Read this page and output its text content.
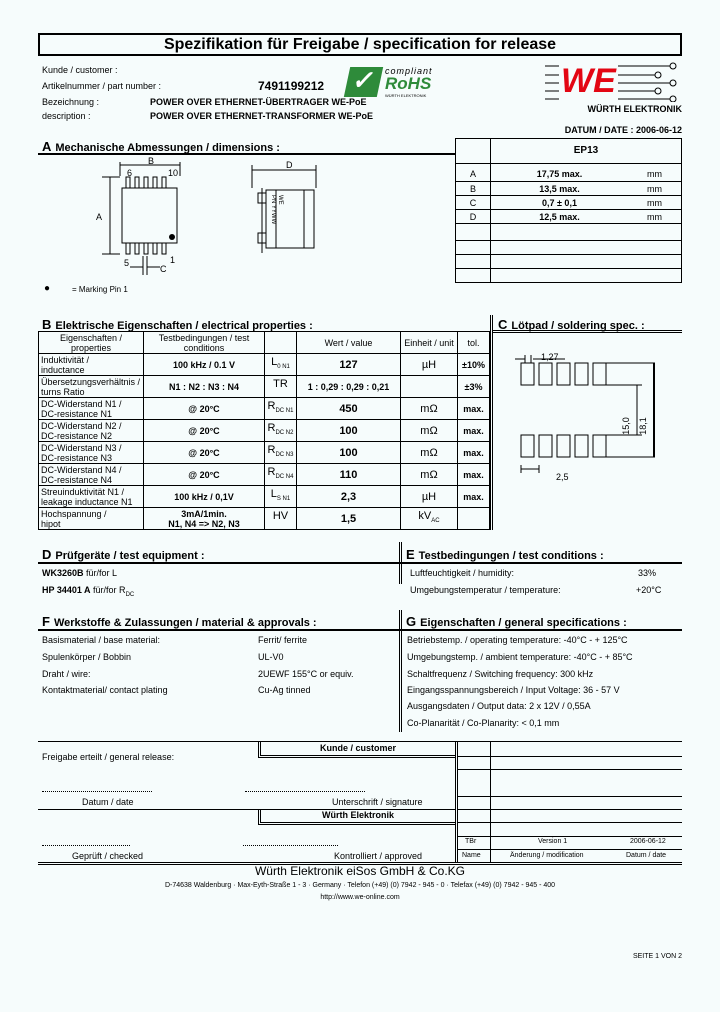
Spezifikation für Freigabe / specification for release
Kunde / customer :
Artikelnummer / part number :	7491199212
Bezeichnung :	POWER OVER ETHERNET-ÜBERTRAGER WE-PoE
description :	POWER OVER ETHERNET-TRANSFORMER WE-PoE
DATUM / DATE : 2006-06-12
✓ compliant
RoHS
WÜRTH ELEKTRONIK	WE
WÜRTH ELEKTRONIK
A Mechanische Abmessungen / dimensions :
B
6	10
A
5	1
C
D
WE
PN YYWW
●	= Marking Pin 1
	EP13	

A	17,75 max.	mm
B	13,5 max.	mm
C	0,7 ± 0,1	mm
D	12,5 max.	mm

B Elektrische Eigenschaften / electrical properties :
Eigenschaften / properties	Testbedingungen / test conditions		Wert / value	Einheit / unit	tol.
Induktivität /
inductance	100 kHz / 0.1 V	$L_{0 N1}$	127	µH	±10%
Übersetzungsverhältnis /
turns Ratio	N1 : N2 : N3 : N4	TR	1 : 0,29 : 0,29 : 0,21		±3%
DC-Widerstand N1 /
DC-resistance N1	@ 20°C	$R_{DC N1}$	450	mΩ	max.
DC-Widerstand N2 /
DC-resistance N2	@ 20°C	$R_{DC N2}$	100	mΩ	max.
DC-Widerstand N3 /
DC-resistance N3	@ 20°C	$R_{DC N3}$	100	mΩ	max.
DC-Widerstand N4 /
DC-resistance N4	@ 20°C	$R_{DC N4}$	110	mΩ	max.
Streuinduktivität N1 /
leakage inductance N1	100 kHz / 0,1V	$L_{S N1}$	2,3	µH	max.
Hochspannung /
hipot	3mA/1min.
N1, N4 => N2, N3	HV	1,5	$kV_{AC}$	
C Lötpad / soldering spec. :
1,27
15,0 18,1
2,5
D Prüfgeräte / test equipment :	E Testbedingungen / test conditions :
WK3260B für/for L
HP 34401 A für/for $R_{DC}$
Luftfeuchtigkeit / humidity:	33%
Umgebungstemperatur / temperature:	+20°C
F Werkstoffe & Zulassungen / material & approvals :	G Eigenschaften / general specifications :
Basismaterial / base material:	Ferrit/ ferrite
Spulenkörper / Bobbin	UL-V0
Draht / wire:	2UEWF 155°C or equiv.
Kontaktmaterial/ contact plating	Cu-Ag tinned
Betriebstemp. / operating temperature: -40°C - + 125°C
Umgebungstemp. / ambient temperature: -40°C - + 85°C
Schaltfrequenz / Switching frequency: 300 kHz
Eingangsspannungsbereich / Input Voltage: 36 - 57 V
Ausgangsdaten / Output data: 2 x 12V / 0,55A
Co-Planarität / Co-Planarity: < 0,1 mm
Freigabe erteilt / general release:
Kunde / customer
Datum / date	Unterschrift / signature
Würth Elektronik
Geprüft / checked	Kontrolliert / approved
TBr	Version 1	2006-06-12
Name	Änderung / modification	Datum / date
Würth Elektronik eiSos GmbH & Co.KG
D-74638 Waldenburg · Max-Eyth-Straße 1 - 3 · Germany · Telefon (+49) (0) 7942 - 945 - 0 · Telefax (+49) (0) 7942 - 945 - 400
http://www.we-online.com
SEITE 1 VON 2
